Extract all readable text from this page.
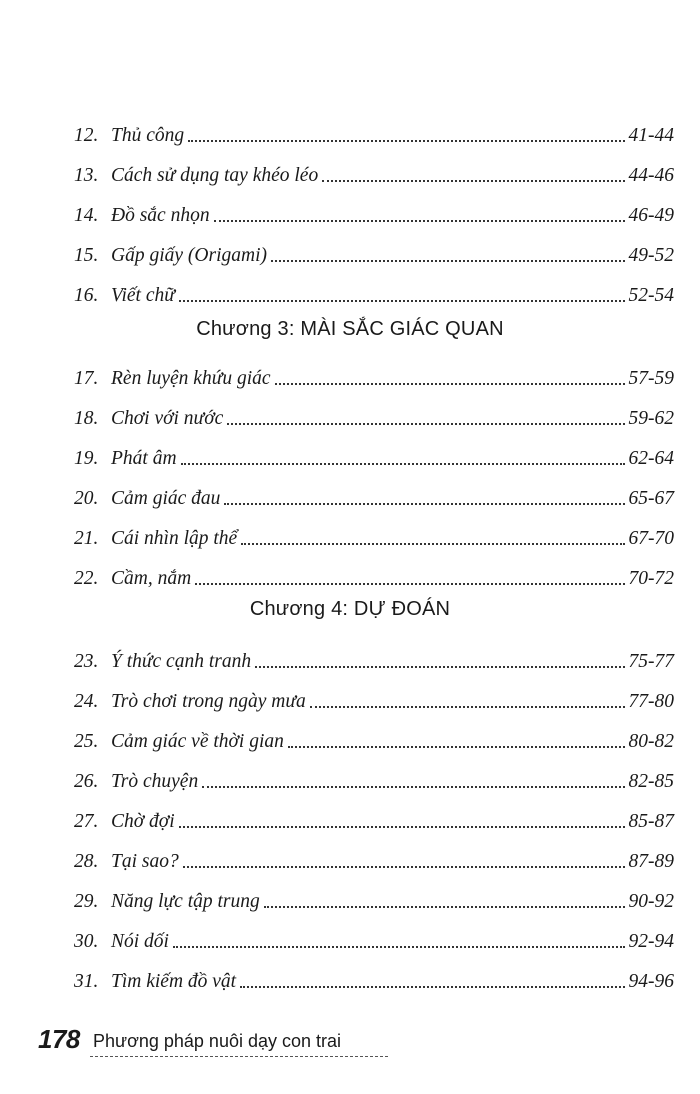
12. Thủ công	41-44
13. Cách sử dụng tay khéo léo	44-46
14. Đồ sắc nhọn	46-49
15. Gấp giấy (Origami)	49-52
16. Viết chữ	52-54
Chương 3: MÀI SẮC GIÁC QUAN
17. Rèn luyện khứu giác	57-59
18. Chơi với nước	59-62
19. Phát âm	62-64
20. Cảm giác đau	65-67
21. Cái nhìn lập thể	67-70
22. Cầm, nắm	70-72
Chương 4: DỰ ĐOÁN
23. Ý thức cạnh tranh	75-77
24. Trò chơi trong ngày mưa	77-80
25. Cảm giác về thời gian	80-82
26. Trò chuyện	82-85
27. Chờ đợi	85-87
28. Tại sao?	87-89
29. Năng lực tập trung	90-92
30. Nói dối	92-94
31. Tìm kiếm đồ vật	94-96
178 Phương pháp nuôi dạy con trai
